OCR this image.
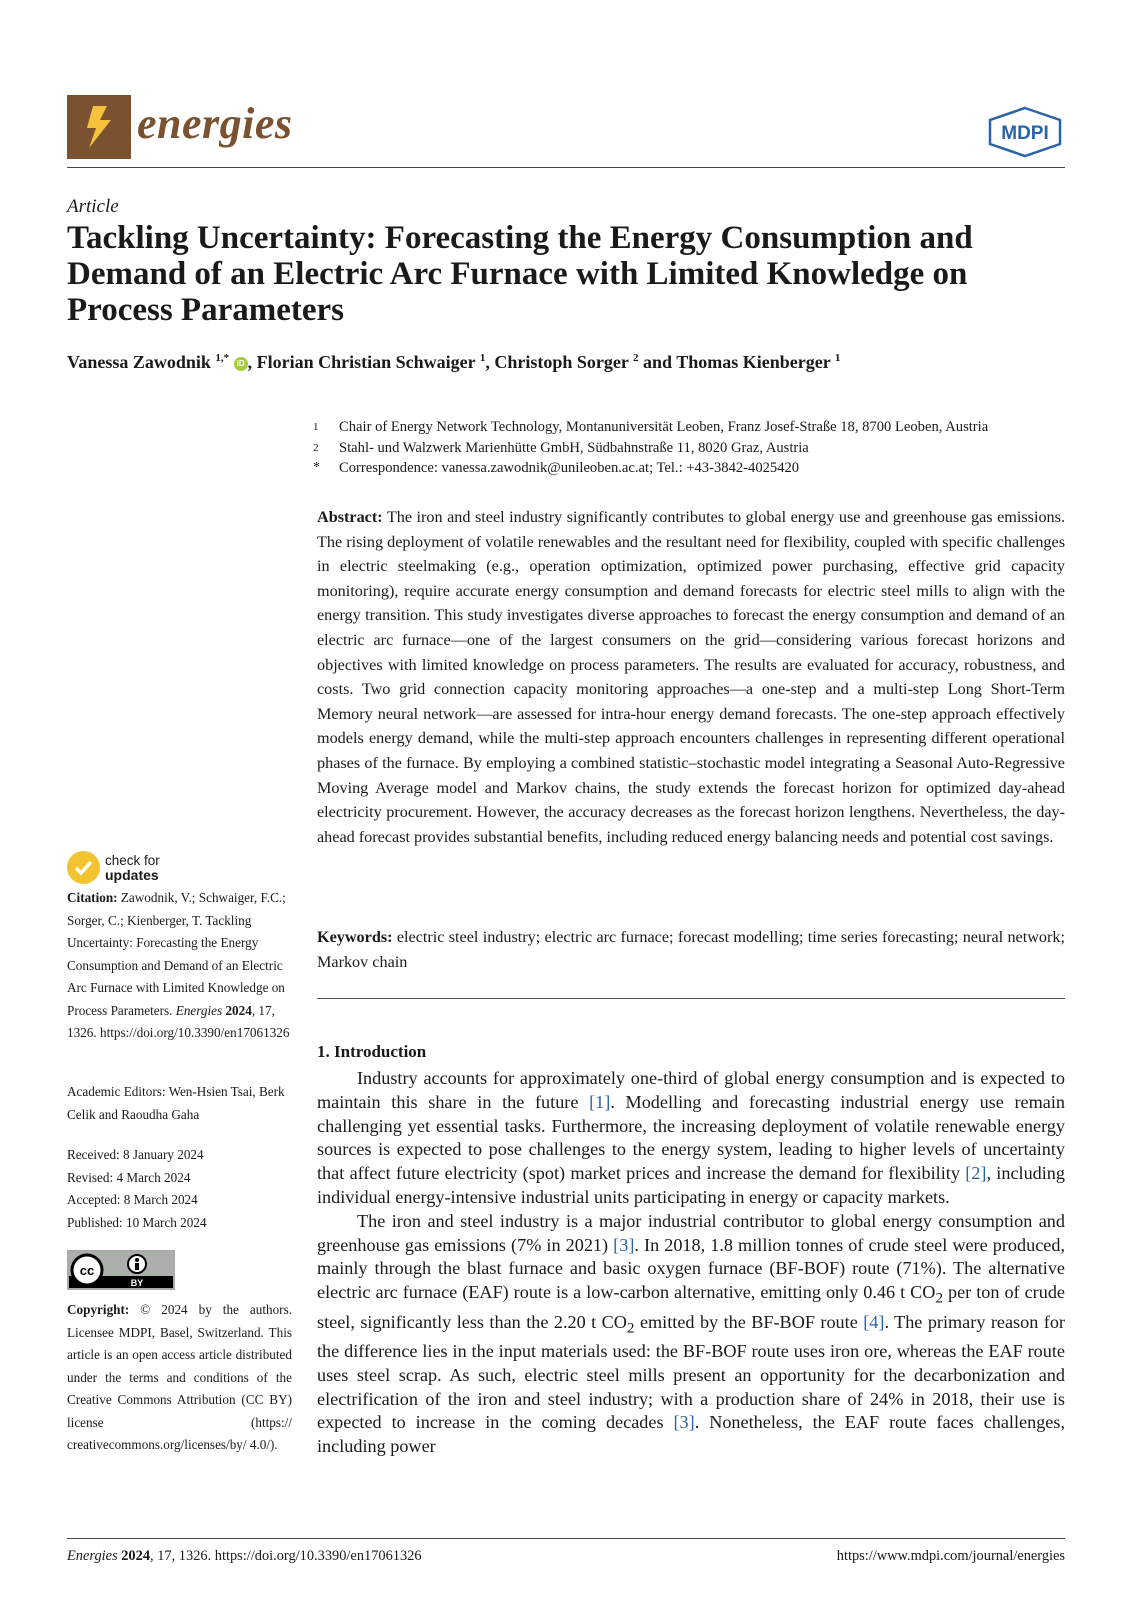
energies	MDPI
Article
Tackling Uncertainty: Forecasting the Energy Consumption and Demand of an Electric Arc Furnace with Limited Knowledge on Process Parameters
Vanessa Zawodnik $^{1,*}$ iD , Florian Christian Schwaiger $^1$, Christoph Sorger $^2$ and Thomas Kienberger $^1$
1	Chair of Energy Network Technology, Montanuniversität Leoben, Franz Josef-Straße 18, 8700 Leoben, Austria
2	Stahl- und Walzwerk Marienhütte GmbH, Südbahnstraße 11, 8020 Graz, Austria
*	Correspondence: vanessa.zawodnik@unileoben.ac.at; Tel.: +43-3842-4025420
Abstract: The iron and steel industry significantly contributes to global energy use and greenhouse gas emissions. The rising deployment of volatile renewables and the resultant need for flexibility, coupled with specific challenges in electric steelmaking (e.g., operation optimization, optimized power purchasing, effective grid capacity monitoring), require accurate energy consumption and demand forecasts for electric steel mills to align with the energy transition. This study investigates diverse approaches to forecast the energy consumption and demand of an electric arc furnace—one of the largest consumers on the grid—considering various forecast horizons and objectives with limited knowledge on process parameters. The results are evaluated for accuracy, robustness, and costs. Two grid connection capacity monitoring approaches—a one-step and a multi-step Long Short-Term Memory neural network—are assessed for intra-hour energy demand forecasts. The one-step approach effectively models energy demand, while the multi-step approach encounters challenges in representing different operational phases of the furnace. By employing a combined statistic–stochastic model integrating a Seasonal Auto-Regressive Moving Average model and Markov chains, the study extends the forecast horizon for optimized day-ahead electricity procurement. However, the accuracy decreases as the forecast horizon lengthens. Nevertheless, the day-ahead forecast provides substantial benefits, including reduced energy balancing needs and potential cost savings.
Keywords: electric steel industry; electric arc furnace; forecast modelling; time series forecasting; neural network; Markov chain
1. Introduction

Industry accounts for approximately one-third of global energy consumption and is expected to maintain this share in the future [1]. Modelling and forecasting industrial energy use remain challenging yet essential tasks. Furthermore, the increasing deployment of volatile renewable energy sources is expected to pose challenges to the energy system, leading to higher levels of uncertainty that affect future electricity (spot) market prices and increase the demand for flexibility [2], including individual energy-intensive industrial units participating in energy or capacity markets.

The iron and steel industry is a major industrial contributor to global energy consumption and greenhouse gas emissions (7% in 2021) [3]. In 2018, 1.8 million tonnes of crude steel were produced, mainly through the blast furnace and basic oxygen furnace (BF-BOF) route (71%). The alternative electric arc furnace (EAF) route is a low-carbon alternative, emitting only 0.46 t $CO_2$ per ton of crude steel, significantly less than the 2.20 t $CO_2$ emitted by the BF-BOF route [4]. The primary reason for the difference lies in the input materials used: the BF-BOF route uses iron ore, whereas the EAF route uses steel scrap. As such, electric steel mills present an opportunity for the decarbonization and electrification of the iron and steel industry; with a production share of 24% in 2018, their use is expected to increase in the coming decades [3]. Nonetheless, the EAF route faces challenges, including power

check for
updates
Citation: Zawodnik, V.; Schwaiger, F.C.; Sorger, C.; Kienberger, T. Tackling Uncertainty: Forecasting the Energy Consumption and Demand of an Electric Arc Furnace with Limited Knowledge on Process Parameters. Energies 2024, 17, 1326. https://doi.org/10.3390/en17061326
Academic Editors: Wen-Hsien Tsai, Berk Celik and Raoudha Gaha
Received: 8 January 2024
Revised: 4 March 2024
Accepted: 8 March 2024
Published: 10 March 2024
cc
BY
Copyright: © 2024 by the authors. Licensee MDPI, Basel, Switzerland. This article is an open access article distributed under the terms and conditions of the Creative Commons Attribution (CC BY) license (https:// creativecommons.org/licenses/by/ 4.0/).
Energies 2024, 17, 1326. https://doi.org/10.3390/en17061326	https://www.mdpi.com/journal/energies
